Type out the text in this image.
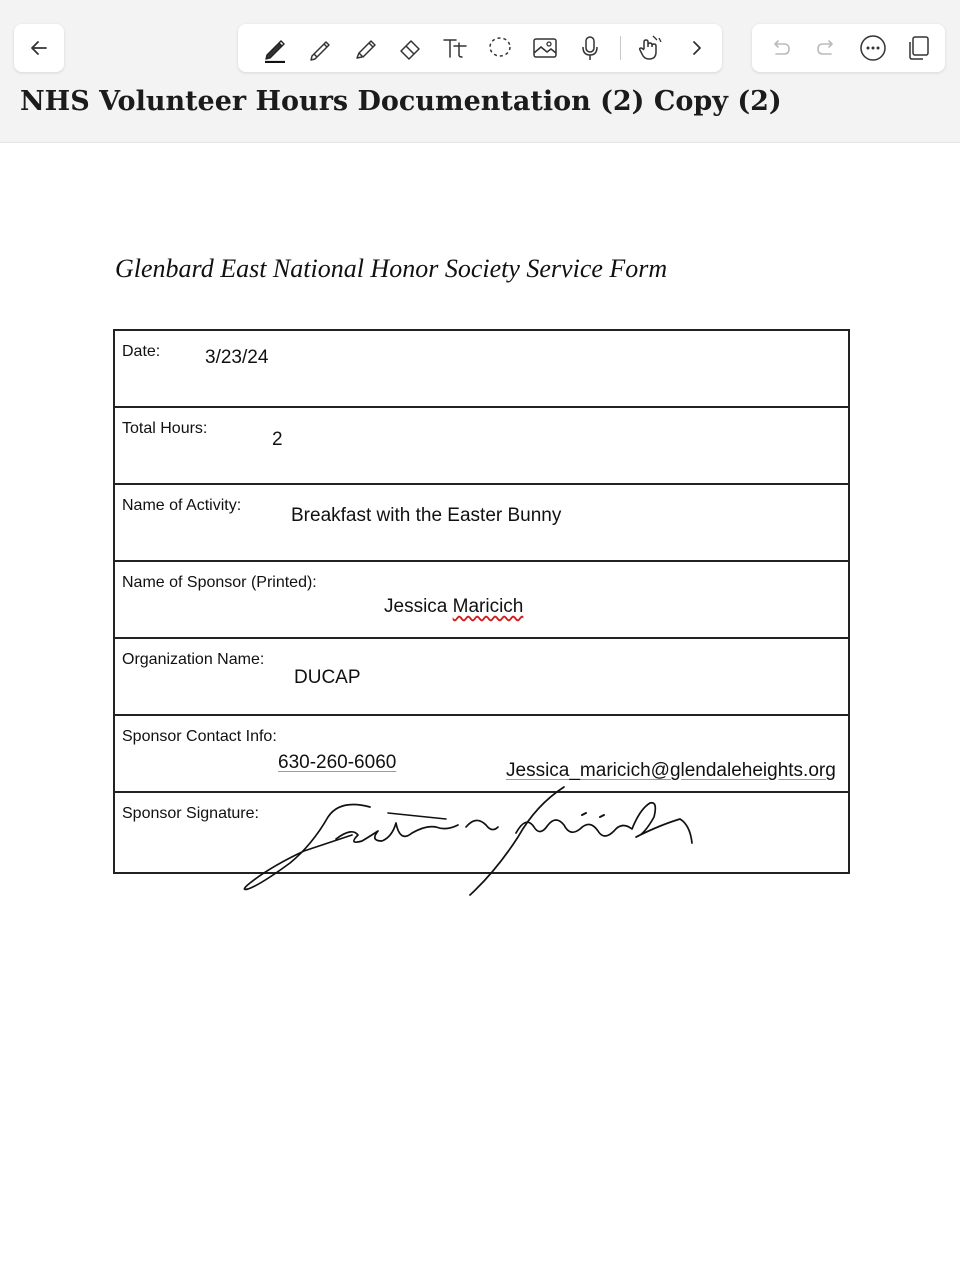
NHS Volunteer Hours Documentation (2) Copy (2)
Glenbard East National Honor Society Service Form
Date: 3/23/24
Total Hours:
2
Name of Activity:	Breakfast with the Easter Bunny
Name of Sponsor (Printed):
Jessica Maricich
Organization Name:
DUCAP
Sponsor Contact Info:
630-260-6060	Jessica_maricich@glendaleheights.org
Sponsor Signature:
